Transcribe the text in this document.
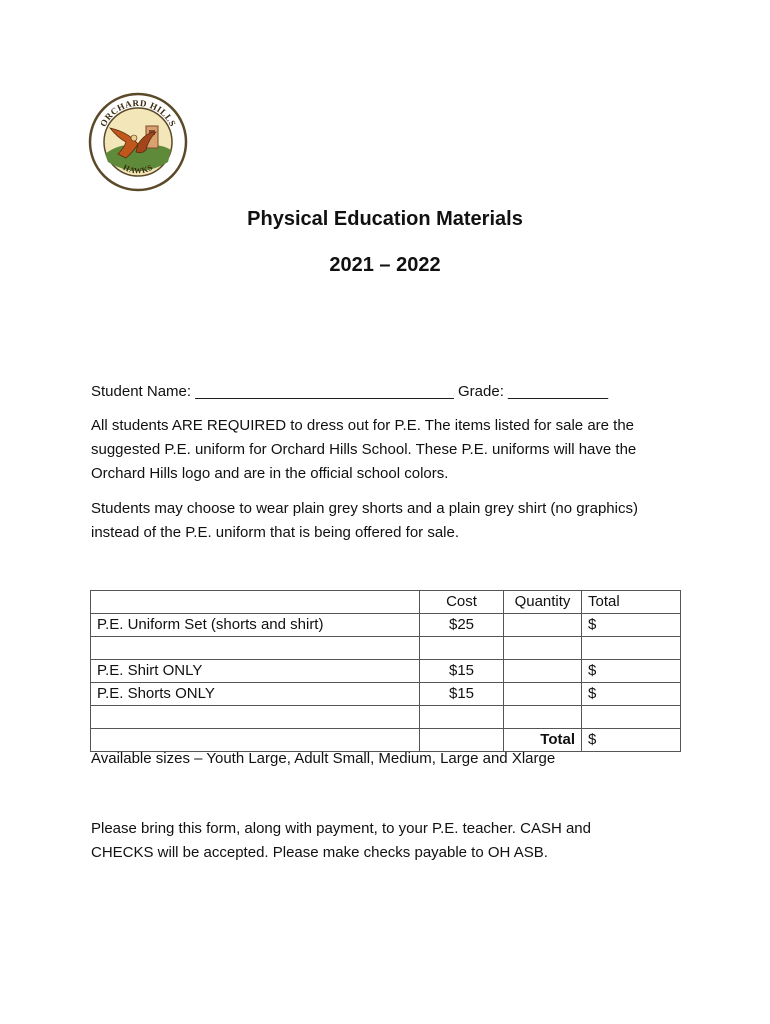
ORCHARD HILLS
HAWKS
Physical Education Materials
2021 – 2022
Student Name: _______________________________ Grade: ____________
All students ARE REQUIRED to dress out for P.E. The items listed for sale are the
suggested P.E. uniform for Orchard Hills School. These P.E. uniforms will have the
Orchard Hills logo and are in the official school colors.
Students may choose to wear plain grey shorts and a plain grey shirt (no graphics)
instead of the P.E. uniform that is being offered for sale.
	Cost	Quantity	Total
P.E. Uniform Set (shorts and shirt)	$25		$

P.E. Shirt ONLY	$15		$
P.E. Shorts ONLY	$15		$

		Total	$
Available sizes – Youth Large, Adult Small, Medium, Large and Xlarge
Please bring this form, along with payment, to your P.E. teacher. CASH and
CHECKS will be accepted. Please make checks payable to OH ASB.
